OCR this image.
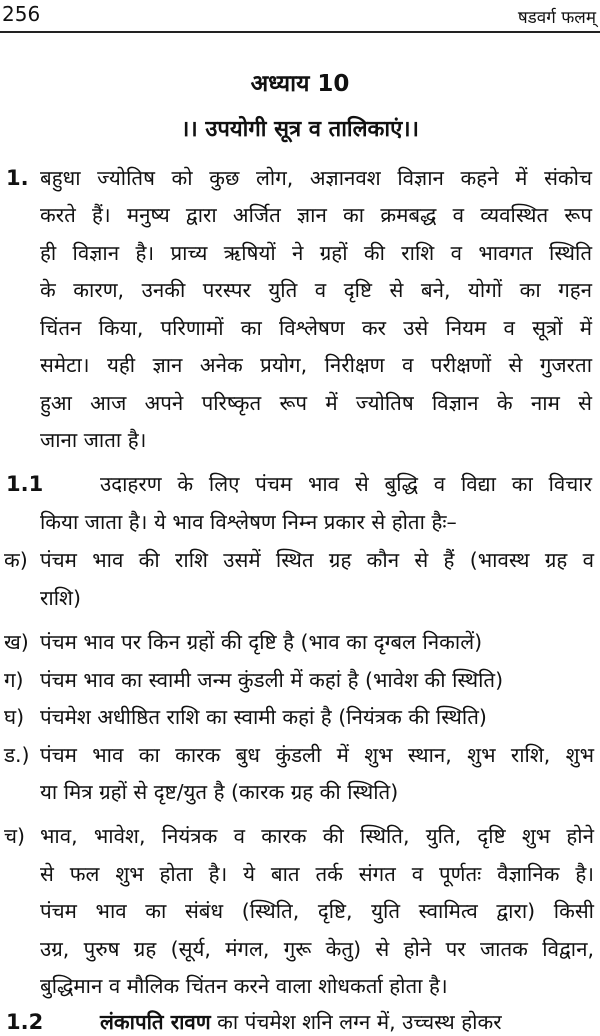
256	षडवर्ग फलम्
अध्याय 10
।। उपयोगी सूत्र व तालिकाएं।।
1. बहुधा ज्योतिष को कुछ लोग, अज्ञानवश विज्ञान कहने में संकोच
करते हैं। मनुष्य द्वारा अर्जित ज्ञान का क्रमबद्ध व व्यवस्थित रूप
ही विज्ञान है। प्राच्य ऋषियों ने ग्रहों की राशि व भावगत स्थिति
के कारण, उनकी परस्पर युति व दृष्टि से बने, योगों का गहन
चिंतन किया, परिणामों का विश्लेषण कर उसे नियम व सूत्रों में
समेटा। यही ज्ञान अनेक प्रयोग, निरीक्षण व परीक्षणों से गुजरता
हुआ आज अपने परिष्कृत रूप में ज्योतिष विज्ञान के नाम से
जाना जाता है।
1.1	उदाहरण के लिए पंचम भाव से बुद्धि व विद्या का विचार
किया जाता है। ये भाव विश्लेषण निम्न प्रकार से होता हैः–
क) पंचम भाव की राशि उसमें स्थित ग्रह कौन से हैं (भावस्थ ग्रह व
राशि)
ख) पंचम भाव पर किन ग्रहों की दृष्टि है (भाव का दृग्बल निकालें)
ग) पंचम भाव का स्वामी जन्म कुंडली में कहां है (भावेश की स्थिति)
घ) पंचमेश अधीष्ठित राशि का स्वामी कहां है (नियंत्रक की स्थिति)
ड.) पंचम भाव का कारक बुध कुंडली में शुभ स्थान, शुभ राशि, शुभ
या मित्र ग्रहों से दृष्ट/युत है (कारक ग्रह की स्थिति)
च) भाव, भावेश, नियंत्रक व कारक की स्थिति, युति, दृष्टि शुभ होने
से फल शुभ होता है। ये बात तर्क संगत व पूर्णतः वैज्ञानिक है।
पंचम भाव का संबंध (स्थिति, दृष्टि, युति स्वामित्व द्वारा) किसी
उग्र, पुरुष ग्रह (सूर्य, मंगल, गुरू केतु) से होने पर जातक विद्वान,
बुद्धिमान व मौलिक चिंतन करने वाला शोधकर्ता होता है।
1.2	लंकापति रावण का पंचमेश शनि लग्न में, उच्चस्थ होकर
